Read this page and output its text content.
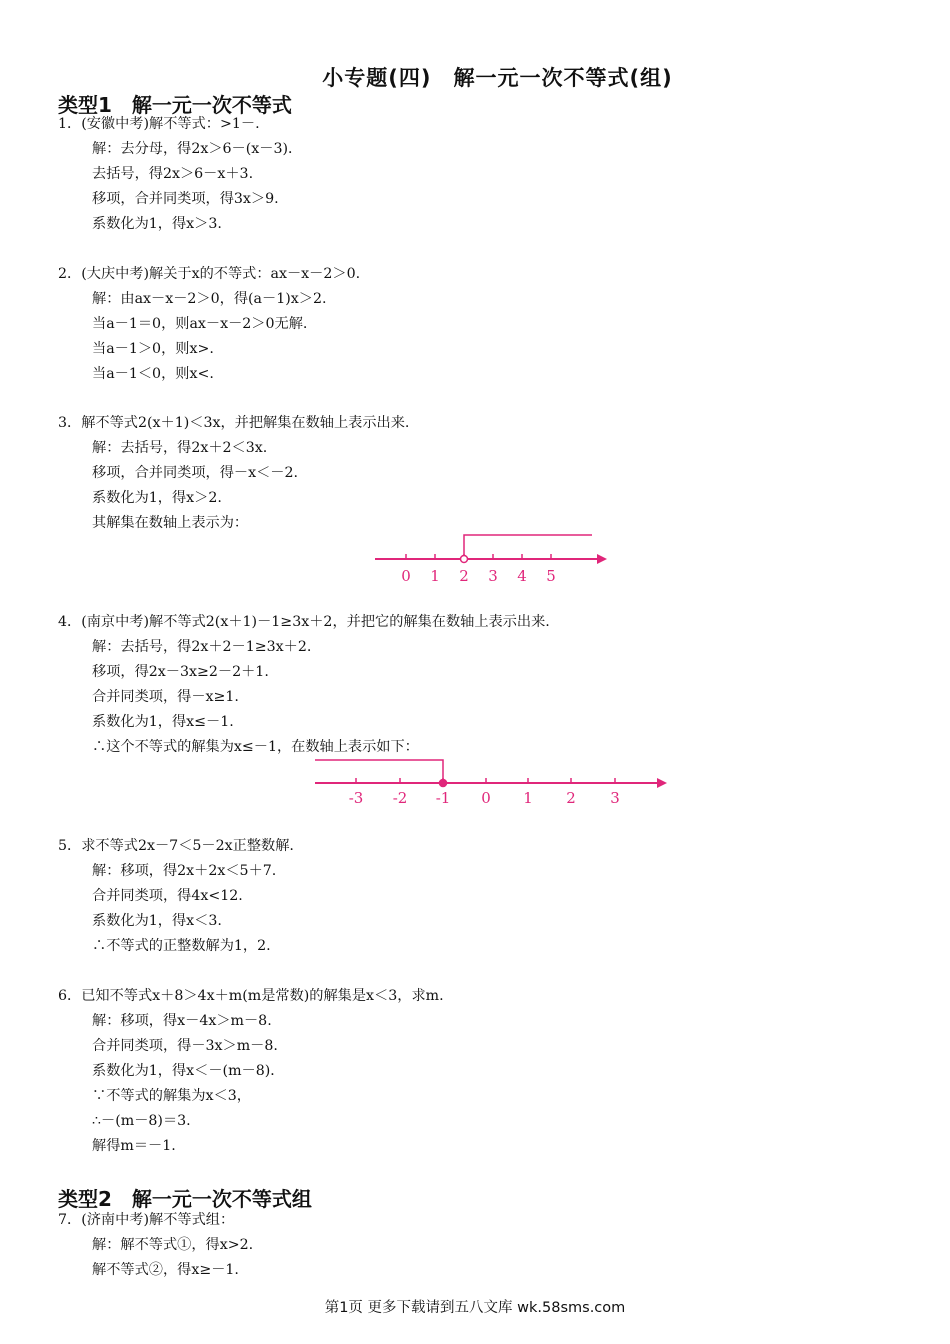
小专题(四)　解一元一次不等式(组)
类型1　解一元一次不等式
1．(安徽中考)解不等式：>1－.
解：去分母，得2x＞6－(x－3)．
去括号，得2x＞6－x＋3.
移项，合并同类项，得3x＞9.
系数化为1，得x＞3.
2．(大庆中考)解关于x的不等式：ax－x－2＞0.
解：由ax－x－2＞0，得(a－1)x＞2.
当a－1＝0，则ax－x－2＞0无解.
当a－1＞0，则x>.
当a－1＜0，则x<.
3．解不等式2(x＋1)＜3x，并把解集在数轴上表示出来.
解：去括号，得2x＋2＜3x.
移项，合并同类项，得－x＜－2.
系数化为1，得x＞2.
其解集在数轴上表示为：
0 1 2 3 4 5
4．(南京中考)解不等式2(x＋1)－1≥3x＋2，并把它的解集在数轴上表示出来.
解：去括号，得2x＋2－1≥3x＋2.
移项，得2x－3x≥2－2＋1.
合并同类项，得－x≥1.
系数化为1，得x≤－1.
∴这个不等式的解集为x≤－1，在数轴上表示如下：
-3 -2 -1 0 1 2 3
5．求不等式2x－7＜5－2x正整数解.
解：移项，得2x＋2x＜5＋7.
合并同类项，得4x<12.
系数化为1，得x＜3.
∴不等式的正整数解为1，2.
6．已知不等式x＋8＞4x＋m(m是常数)的解集是x＜3，求m.
解：移项，得x－4x＞m－8.
合并同类项，得－3x＞m－8.
系数化为1，得x＜－(m－8)．
∵不等式的解集为x＜3，
∴－(m－8)＝3.
解得m＝－1.
类型2　解一元一次不等式组
7．(济南中考)解不等式组：
解：解不等式①，得x>2.
解不等式②，得x≥－1.
第1页 更多下载请到五八文库 wk.58sms.com
